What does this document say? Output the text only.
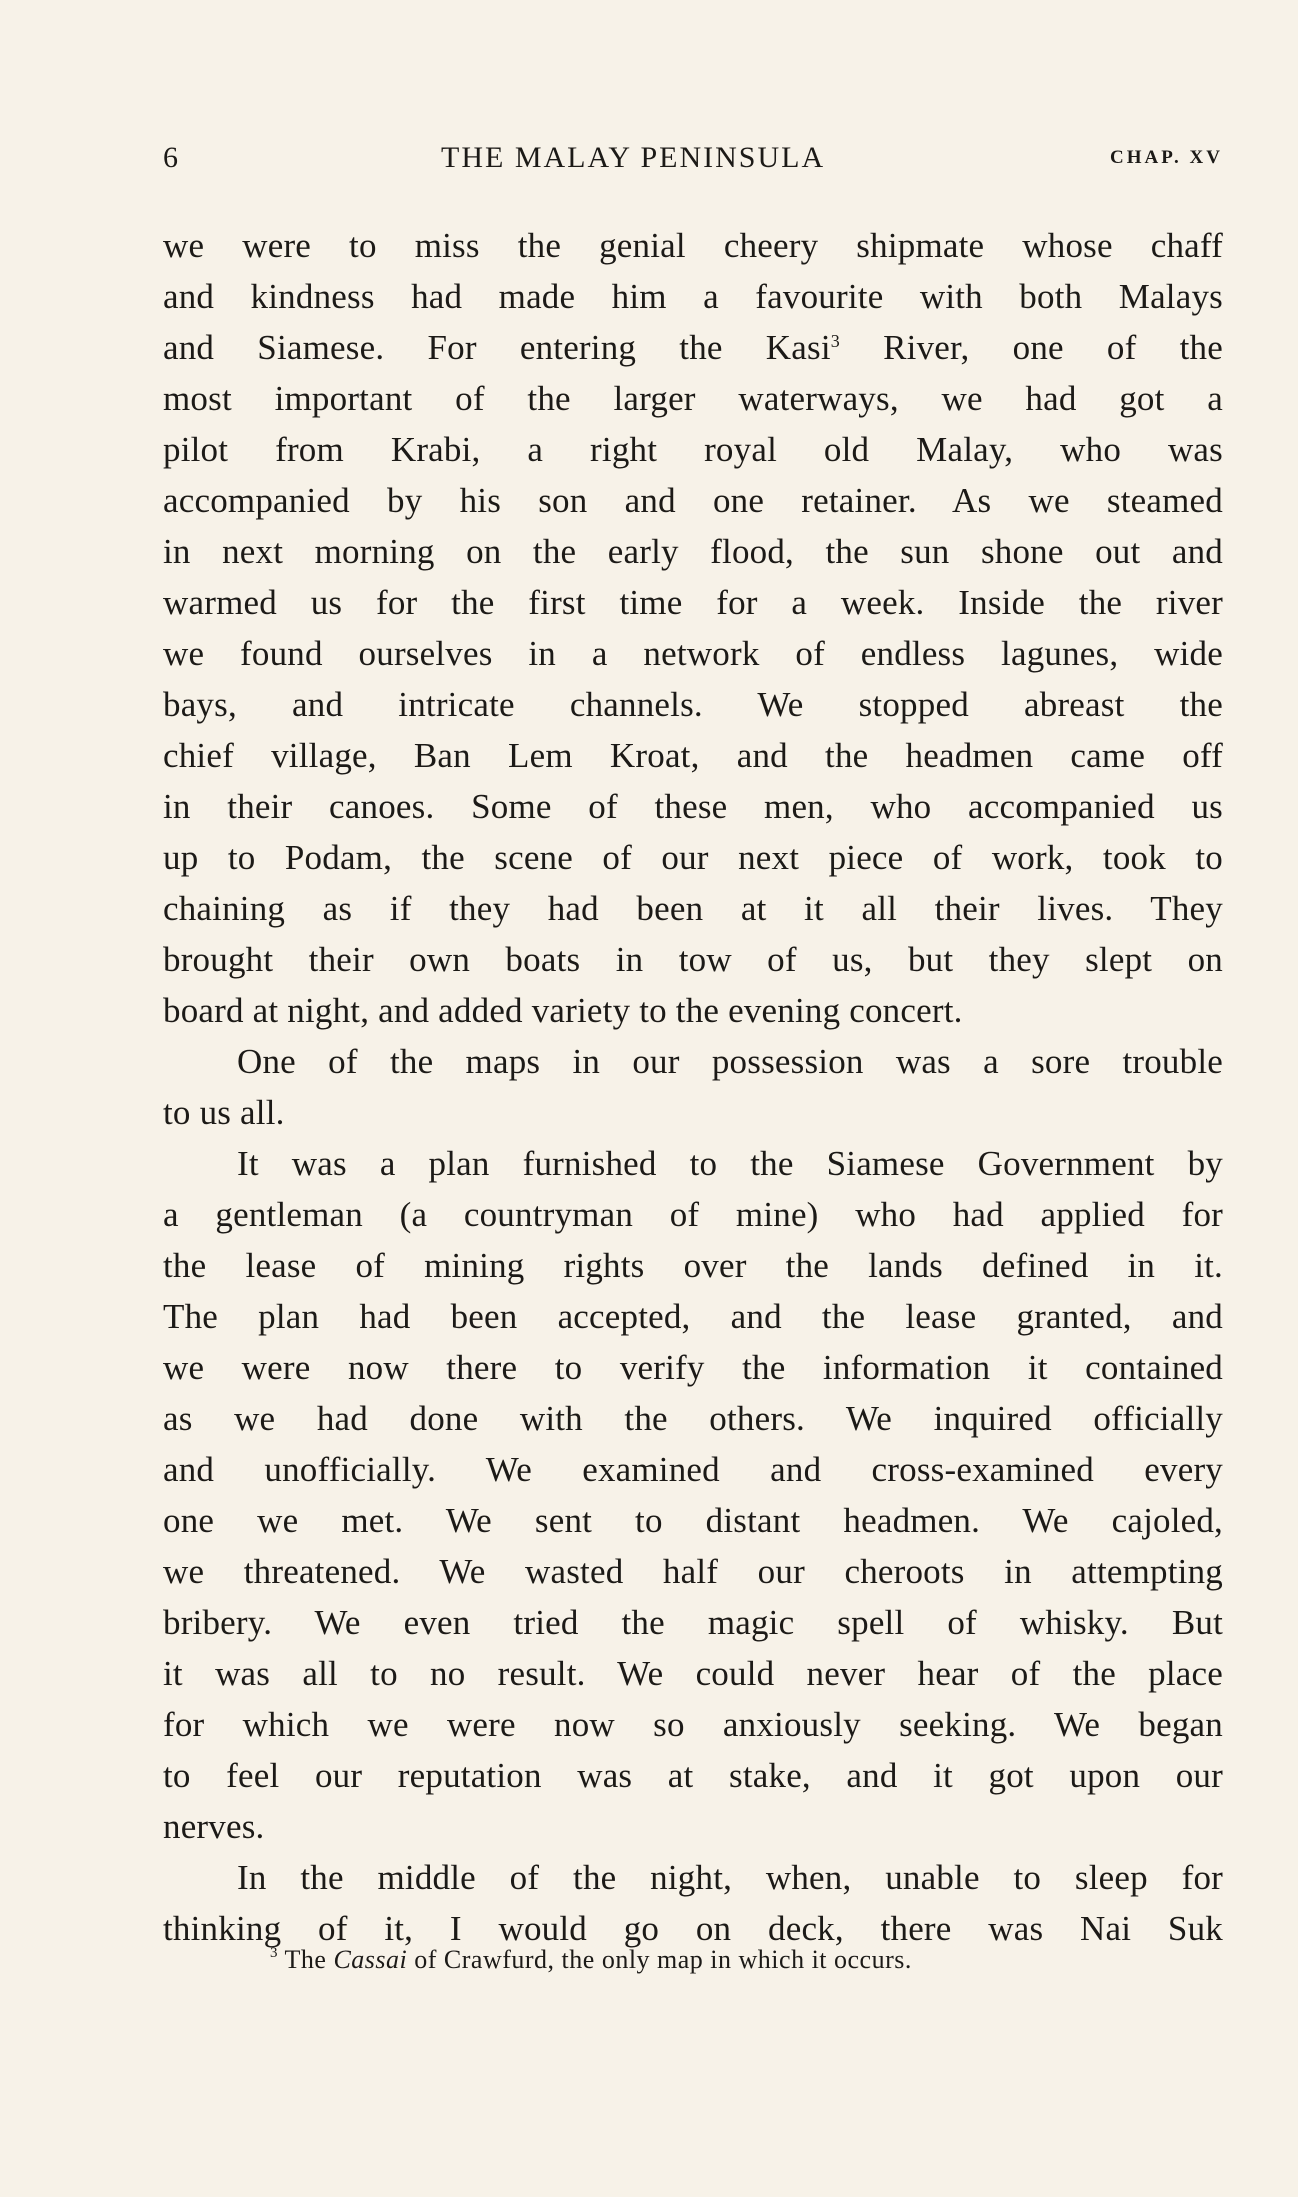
6	THE MALAY PENINSULA	CHAP. XV
we were to miss the genial cheery shipmate whose chaff
and kindness had made him a favourite with both Malays
and Siamese. For entering the Kasi$^3$ River, one of the
most important of the larger waterways, we had got a
pilot from Krabi, a right royal old Malay, who was
accompanied by his son and one retainer. As we steamed
in next morning on the early flood, the sun shone out and
warmed us for the first time for a week. Inside the river
we found ourselves in a network of endless lagunes, wide
bays, and intricate channels. We stopped abreast the
chief village, Ban Lem Kroat, and the headmen came off
in their canoes. Some of these men, who accompanied us
up to Podam, the scene of our next piece of work, took to
chaining as if they had been at it all their lives. They
brought their own boats in tow of us, but they slept on
board at night, and added variety to the evening concert.
One of the maps in our possession was a sore trouble
to us all.
It was a plan furnished to the Siamese Government by
a gentleman (a countryman of mine) who had applied for
the lease of mining rights over the lands defined in it.
The plan had been accepted, and the lease granted, and
we were now there to verify the information it contained
as we had done with the others. We inquired officially
and unofficially. We examined and cross-examined every
one we met. We sent to distant headmen. We cajoled,
we threatened. We wasted half our cheroots in attempting
bribery. We even tried the magic spell of whisky. But
it was all to no result. We could never hear of the place
for which we were now so anxiously seeking. We began
to feel our reputation was at stake, and it got upon our
nerves.
In the middle of the night, when, unable to sleep for
thinking of it, I would go on deck, there was Nai Suk
$^3$ The Cassai of Crawfurd, the only map in which it occurs.
